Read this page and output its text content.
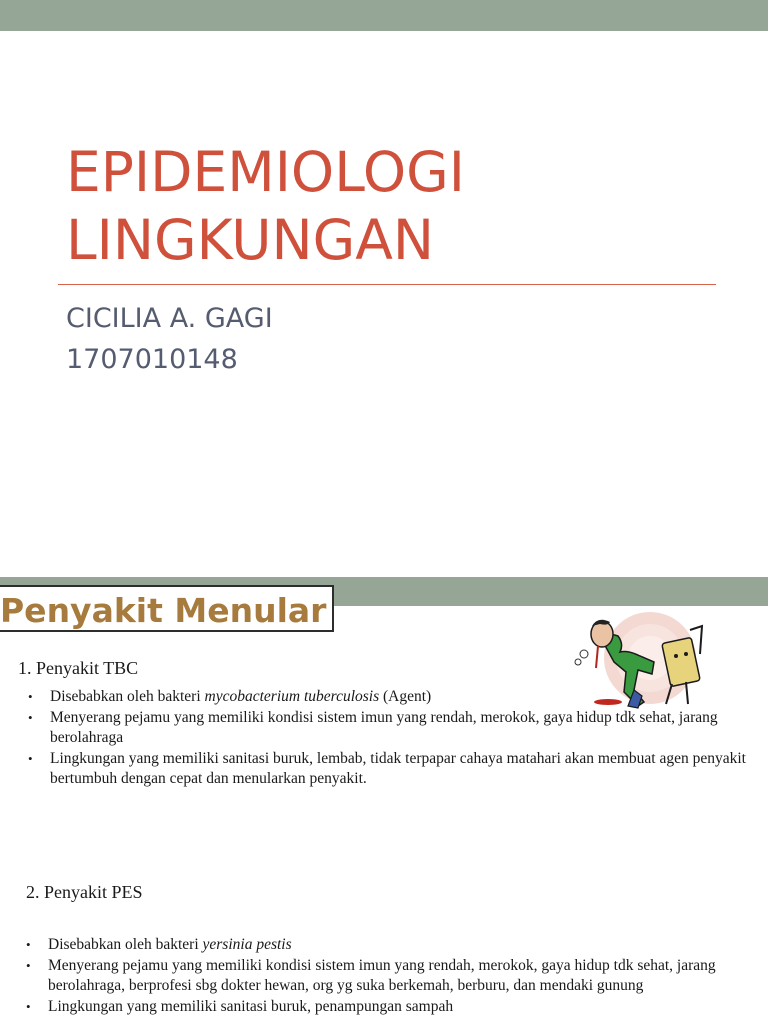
EPIDEMIOLOGI
LINGKUNGAN
CICILIA A. GAGI
1707010148
Penyakit Menular
1. Penyakit TBC
• Disebabkan oleh bakteri mycobacterium tuberculosis (Agent)
• Menyerang pejamu yang memiliki kondisi sistem imun yang rendah, merokok, gaya hidup tdk sehat, jarang berolahraga
• Lingkungan yang memiliki sanitasi buruk, lembab, tidak terpapar cahaya matahari akan membuat agen penyakit bertumbuh dengan cepat dan menularkan penyakit.
2. Penyakit PES
• Disebabkan oleh bakteri yersinia pestis
• Menyerang pejamu yang memiliki kondisi sistem imun yang rendah, merokok, gaya hidup tdk sehat, jarang berolahraga, berprofesi sbg dokter hewan, org yg suka berkemah, berburu, dan mendaki gunung
• Lingkungan yang memiliki sanitasi buruk, penampungan sampah
